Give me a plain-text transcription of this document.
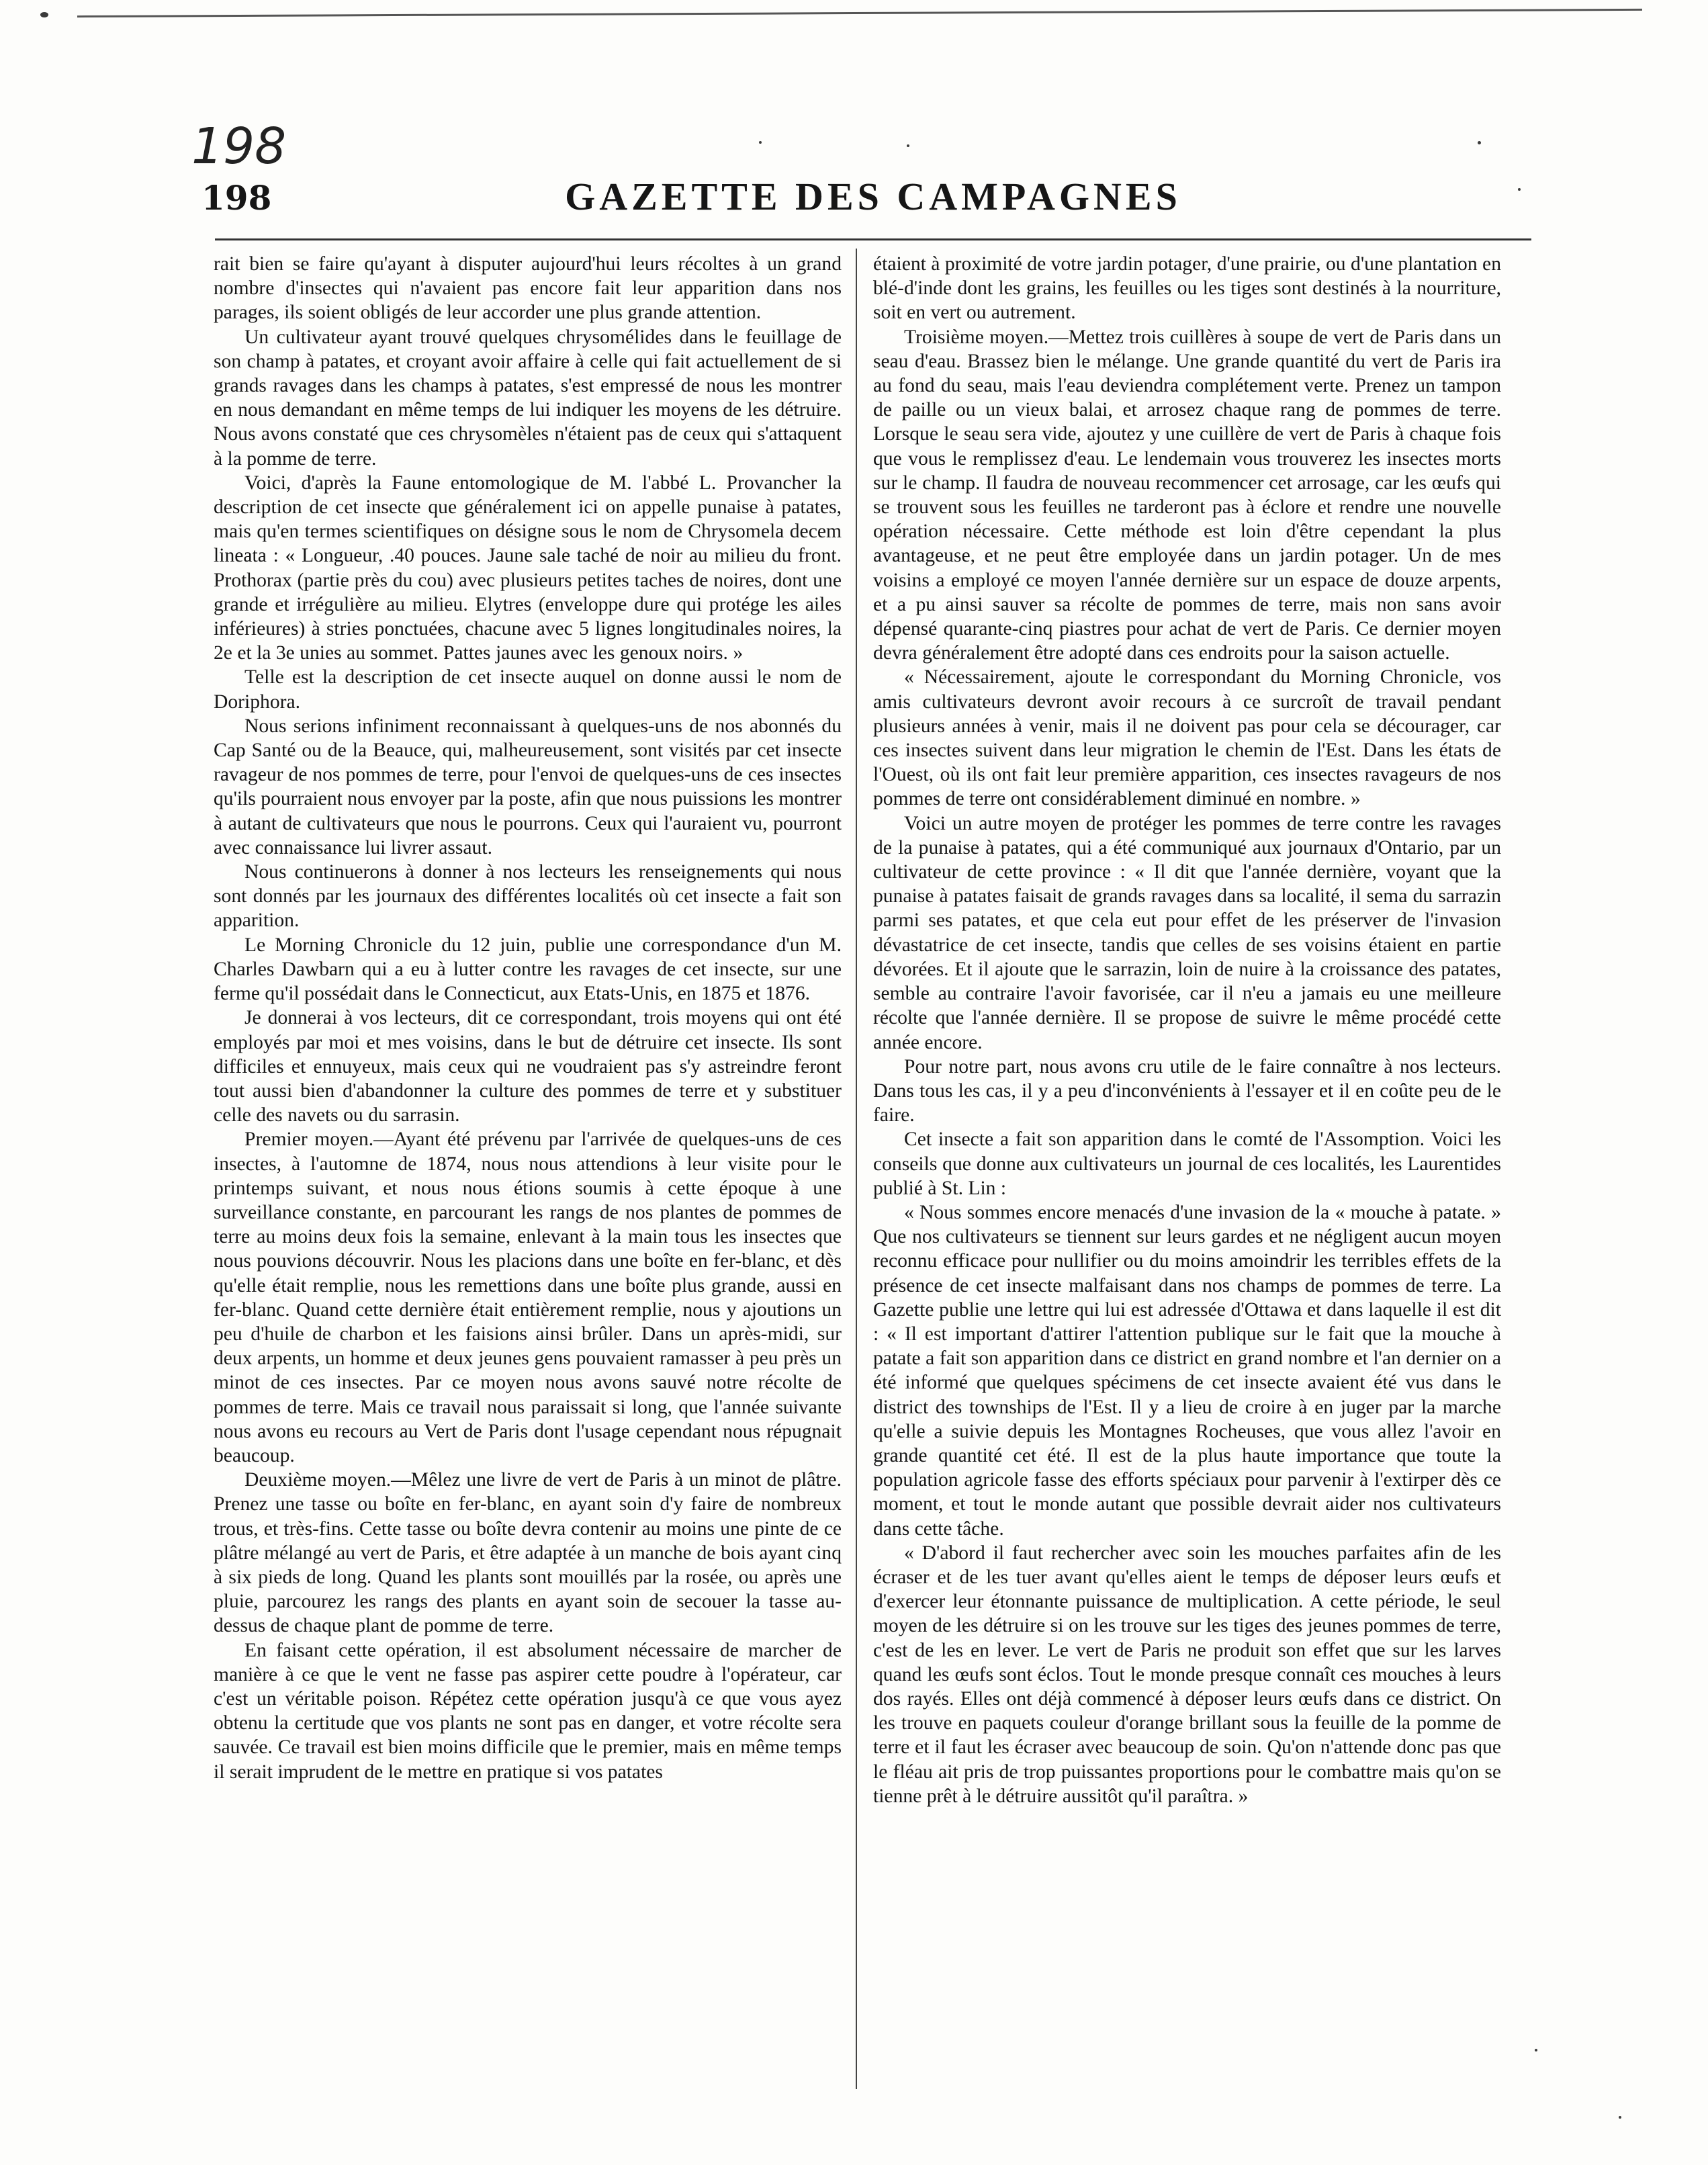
198
198	GAZETTE DES CAMPAGNES

rait bien se faire qu'ayant à disputer aujourd'hui leurs récoltes à un grand nombre d'insectes qui n'avaient pas encore fait leur apparition dans nos parages, ils soient obligés de leur accorder une plus grande attention.

Un cultivateur ayant trouvé quelques chrysomélides dans le feuillage de son champ à patates, et croyant avoir affaire à celle qui fait actuellement de si grands ravages dans les champs à patates, s'est empressé de nous les montrer en nous demandant en même temps de lui indiquer les moyens de les détruire. Nous avons constaté que ces chrysomèles n'étaient pas de ceux qui s'attaquent à la pomme de terre.

Voici, d'après la Faune entomologique de M. l'abbé L. Provancher la description de cet insecte que généralement ici on appelle punaise à patates, mais qu'en termes scientifiques on désigne sous le nom de Chrysomela decem lineata : « Longueur, .40 pouces. Jaune sale taché de noir au milieu du front. Prothorax (partie près du cou) avec plusieurs petites taches de noires, dont une grande et irrégulière au milieu. Elytres (enveloppe dure qui protége les ailes inférieures) à stries ponctuées, chacune avec 5 lignes longitudinales noires, la 2e et la 3e unies au sommet. Pattes jaunes avec les genoux noirs. »

Telle est la description de cet insecte auquel on donne aussi le nom de Doriphora.

Nous serions infiniment reconnaissant à quelques-uns de nos abonnés du Cap Santé ou de la Beauce, qui, malheureusement, sont visités par cet insecte ravageur de nos pommes de terre, pour l'envoi de quelques-uns de ces insectes qu'ils pourraient nous envoyer par la poste, afin que nous puissions les montrer à autant de cultivateurs que nous le pourrons. Ceux qui l'auraient vu, pourront avec connaissance lui livrer assaut.

Nous continuerons à donner à nos lecteurs les renseignements qui nous sont donnés par les journaux des différentes localités où cet insecte a fait son apparition.

Le Morning Chronicle du 12 juin, publie une correspondance d'un M. Charles Dawbarn qui a eu à lutter contre les ravages de cet insecte, sur une ferme qu'il possédait dans le Connecticut, aux Etats-Unis, en 1875 et 1876.

Je donnerai à vos lecteurs, dit ce correspondant, trois moyens qui ont été employés par moi et mes voisins, dans le but de détruire cet insecte. Ils sont difficiles et ennuyeux, mais ceux qui ne voudraient pas s'y astreindre feront tout aussi bien d'abandonner la culture des pommes de terre et y substituer celle des navets ou du sarrasin.

Premier moyen.—Ayant été prévenu par l'arrivée de quelques-uns de ces insectes, à l'automne de 1874, nous nous attendions à leur visite pour le printemps suivant, et nous nous étions soumis à cette époque à une surveillance constante, en parcourant les rangs de nos plantes de pommes de terre au moins deux fois la semaine, enlevant à la main tous les insectes que nous pouvions découvrir. Nous les placions dans une boîte en fer-blanc, et dès qu'elle était remplie, nous les remettions dans une boîte plus grande, aussi en fer-blanc. Quand cette dernière était entièrement remplie, nous y ajoutions un peu d'huile de charbon et les faisions ainsi brûler. Dans un après-midi, sur deux arpents, un homme et deux jeunes gens pouvaient ramasser à peu près un minot de ces insectes. Par ce moyen nous avons sauvé notre récolte de pommes de terre. Mais ce travail nous paraissait si long, que l'année suivante nous avons eu recours au Vert de Paris dont l'usage cependant nous répugnait beaucoup.

Deuxième moyen.—Mêlez une livre de vert de Paris à un minot de plâtre. Prenez une tasse ou boîte en fer-blanc, en ayant soin d'y faire de nombreux trous, et très-fins. Cette tasse ou boîte devra contenir au moins une pinte de ce plâtre mélangé au vert de Paris, et être adaptée à un manche de bois ayant cinq à six pieds de long. Quand les plants sont mouillés par la rosée, ou après une pluie, parcourez les rangs des plants en ayant soin de secouer la tasse au-dessus de chaque plant de pomme de terre.

En faisant cette opération, il est absolument nécessaire de marcher de manière à ce que le vent ne fasse pas aspirer cette poudre à l'opérateur, car c'est un véritable poison. Répétez cette opération jusqu'à ce que vous ayez obtenu la certitude que vos plants ne sont pas en danger, et votre récolte sera sauvée. Ce travail est bien moins difficile que le premier, mais en même temps il serait imprudent de le mettre en pratique si vos patates

étaient à proximité de votre jardin potager, d'une prairie, ou d'une plantation en blé-d'inde dont les grains, les feuilles ou les tiges sont destinés à la nourriture, soit en vert ou autrement.

Troisième moyen.—Mettez trois cuillères à soupe de vert de Paris dans un seau d'eau. Brassez bien le mélange. Une grande quantité du vert de Paris ira au fond du seau, mais l'eau deviendra complétement verte. Prenez un tampon de paille ou un vieux balai, et arrosez chaque rang de pommes de terre. Lorsque le seau sera vide, ajoutez y une cuillère de vert de Paris à chaque fois que vous le remplissez d'eau. Le lendemain vous trouverez les insectes morts sur le champ. Il faudra de nouveau recommencer cet arrosage, car les œufs qui se trouvent sous les feuilles ne tarderont pas à éclore et rendre une nouvelle opération nécessaire. Cette méthode est loin d'être cependant la plus avantageuse, et ne peut être employée dans un jardin potager. Un de mes voisins a employé ce moyen l'année dernière sur un espace de douze arpents, et a pu ainsi sauver sa récolte de pommes de terre, mais non sans avoir dépensé quarante-cinq piastres pour achat de vert de Paris. Ce dernier moyen devra généralement être adopté dans ces endroits pour la saison actuelle.

« Nécessairement, ajoute le correspondant du Morning Chronicle, vos amis cultivateurs devront avoir recours à ce surcroît de travail pendant plusieurs années à venir, mais il ne doivent pas pour cela se décourager, car ces insectes suivent dans leur migration le chemin de l'Est. Dans les états de l'Ouest, où ils ont fait leur première apparition, ces insectes ravageurs de nos pommes de terre ont considérablement diminué en nombre. »

Voici un autre moyen de protéger les pommes de terre contre les ravages de la punaise à patates, qui a été communiqué aux journaux d'Ontario, par un cultivateur de cette province : « Il dit que l'année dernière, voyant que la punaise à patates faisait de grands ravages dans sa localité, il sema du sarrazin parmi ses patates, et que cela eut pour effet de les préserver de l'invasion dévastatrice de cet insecte, tandis que celles de ses voisins étaient en partie dévorées. Et il ajoute que le sarrazin, loin de nuire à la croissance des patates, semble au contraire l'avoir favorisée, car il n'eu a jamais eu une meilleure récolte que l'année dernière. Il se propose de suivre le même procédé cette année encore.

Pour notre part, nous avons cru utile de le faire connaître à nos lecteurs. Dans tous les cas, il y a peu d'inconvénients à l'essayer et il en coûte peu de le faire.

Cet insecte a fait son apparition dans le comté de l'Assomption. Voici les conseils que donne aux cultivateurs un journal de ces localités, les Laurentides publié à St. Lin :

« Nous sommes encore menacés d'une invasion de la « mouche à patate. » Que nos cultivateurs se tiennent sur leurs gardes et ne négligent aucun moyen reconnu efficace pour nullifier ou du moins amoindrir les terribles effets de la présence de cet insecte malfaisant dans nos champs de pommes de terre. La Gazette publie une lettre qui lui est adressée d'Ottawa et dans laquelle il est dit : « Il est important d'attirer l'attention publique sur le fait que la mouche à patate a fait son apparition dans ce district en grand nombre et l'an dernier on a été informé que quelques spécimens de cet insecte avaient été vus dans le district des townships de l'Est. Il y a lieu de croire à en juger par la marche qu'elle a suivie depuis les Montagnes Rocheuses, que vous allez l'avoir en grande quantité cet été. Il est de la plus haute importance que toute la population agricole fasse des efforts spéciaux pour parvenir à l'extirper dès ce moment, et tout le monde autant que possible devrait aider nos cultivateurs dans cette tâche.

« D'abord il faut rechercher avec soin les mouches parfaites afin de les écraser et de les tuer avant qu'elles aient le temps de déposer leurs œufs et d'exercer leur étonnante puissance de multiplication. A cette période, le seul moyen de les détruire si on les trouve sur les tiges des jeunes pommes de terre, c'est de les en lever. Le vert de Paris ne produit son effet que sur les larves quand les œufs sont éclos. Tout le monde presque connaît ces mouches à leurs dos rayés. Elles ont déjà commencé à déposer leurs œufs dans ce district. On les trouve en paquets couleur d'orange brillant sous la feuille de la pomme de terre et il faut les écraser avec beaucoup de soin. Qu'on n'attende donc pas que le fléau ait pris de trop puissantes proportions pour le combattre mais qu'on se tienne prêt à le détruire aussitôt qu'il paraîtra. »
